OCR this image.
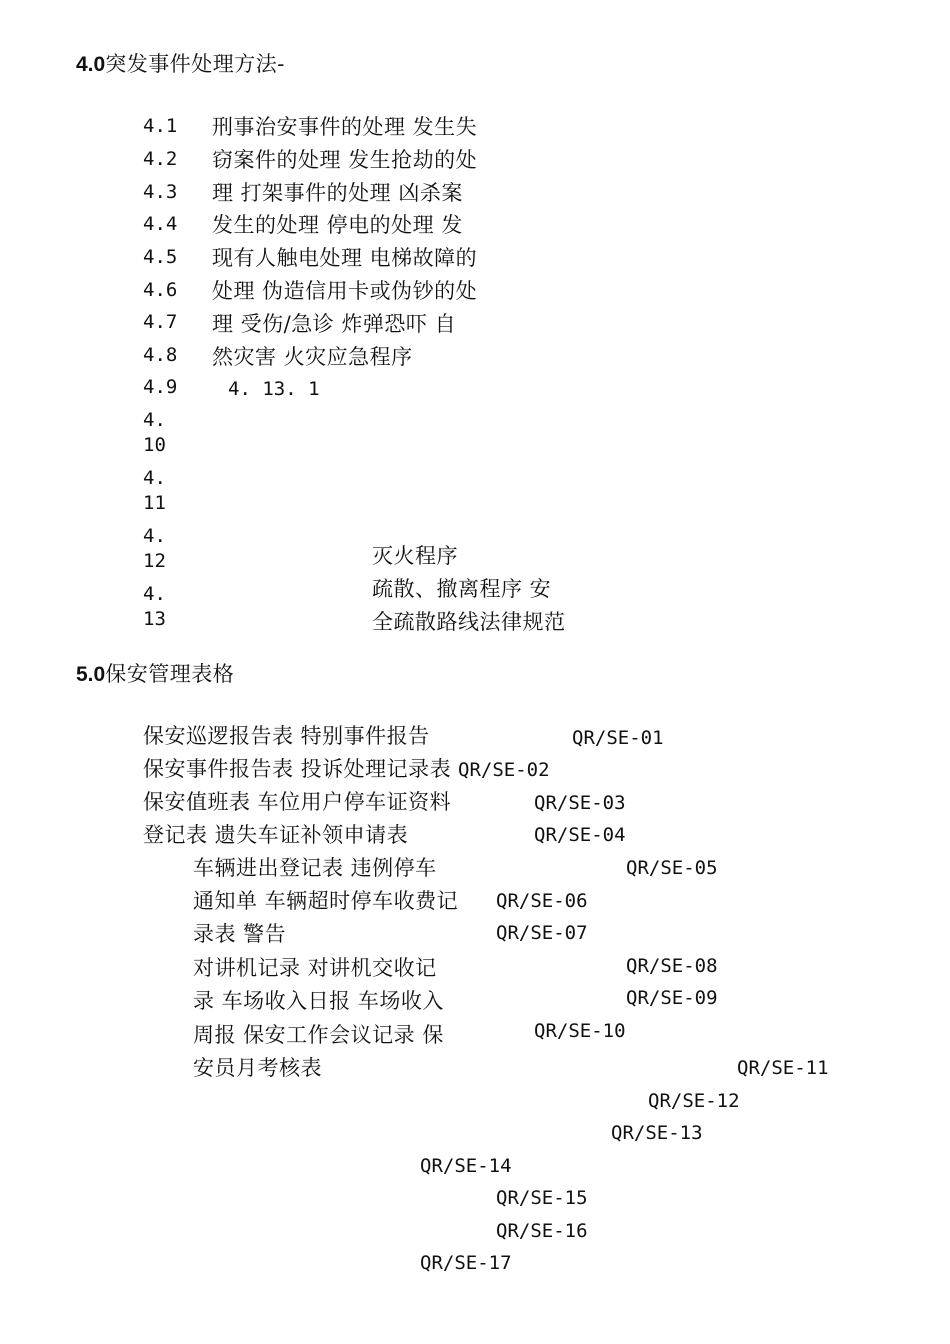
4.0突发事件处理方法-
4.1
4.2
4.3
4.4
4.5
4.6
4.7
4.8
4.9
4.
10
4.
11
4.
12
4.
13
刑事治安事件的处理 发生失
窃案件的处理 发生抢劫的处
理 打架事件的处理 凶杀案
发生的处理 停电的处理 发
现有人触电处理 电梯故障的
处理 伪造信用卡或伪钞的处
理 受伤/急诊 炸弹恐吓 自
然灾害 火灾应急程序
4. 13. 1
灭火程序
疏散、撤离程序 安
全疏散路线法律规范
5.0保安管理表格
保安巡逻报告表 特别事件报告
保安事件报告表 投诉处理记录表
保安值班表 车位用户停车证资料
登记表 遗失车证补领申请表
车辆进出登记表 违例停车
通知单 车辆超时停车收费记
录表 警告
对讲机记录 对讲机交收记
录 车场收入日报 车场收入
周报 保安工作会议记录 保
安员月考核表
QR/SE-01
QR/SE-02
QR/SE-03
QR/SE-04
QR/SE-05
QR/SE-06
QR/SE-07
QR/SE-08
QR/SE-09
QR/SE-10
QR/SE-11
QR/SE-12
QR/SE-13
QR/SE-14
QR/SE-15
QR/SE-16
QR/SE-17
